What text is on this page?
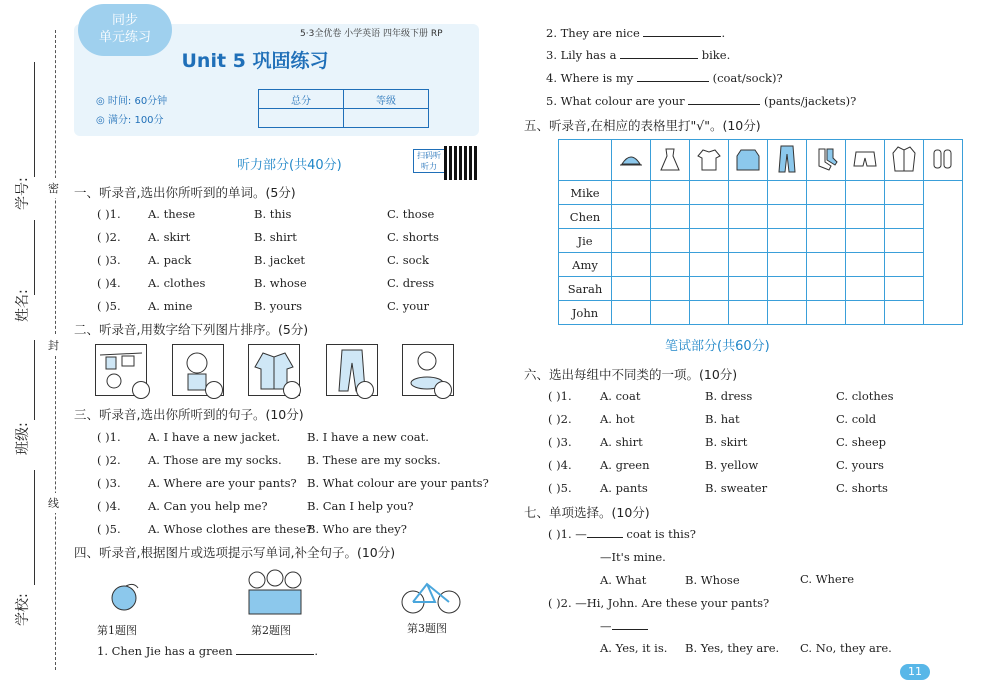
密
封
线
学号:
姓名:
班级:
学校:
同步
单元练习	5·3全优卷 小学英语 四年级下册 RP
Unit 5 巩固练习
◎ 时间: 60分钟
◎ 满分: 100分
总分	等级

听力部分(共40分)
扫码听听力
一、听录音,选出你所听到的单词。(5分)
( )1. A. these	B. this	C. those
( )2. A. skirt	B. shirt	C. shorts
( )3. A. pack	B. jacket	C. sock
( )4. A. clothes	B. whose	C. dress
( )5. A. mine	B. yours	C. your
二、听录音,用数字给下列图片排序。(5分)
三、听录音,选出你所听到的句子。(10分)
( )1. A. I have a new jacket. B. I have a new coat.
( )2. A. Those are my socks. B. These are my socks.
( )3. A. Where are your pants? B. What colour are your pants?
( )4. A. Can you help me?	B. Can I help you?
( )5. A. Whose clothes are these?
B. Who are they?
四、听录音,根据图片或选项提示写单词,补全句子。(10分)
第1题图	第2题图	第3题图
1. Chen Jie has a green	.
2. They are nice	.
3. Lily has a	bike.
4. Where is my	(coat/sock)?
5. What colour are your	(pants/jackets)?
五、听录音,在相应的表格里打"√"。(10分)

Mike									
Chen									
Jie									
Amy									
Sarah									
John									
笔试部分(共60分)
六、选出每组中不同类的一项。(10分)
( )1. A. coat	B. dress	C. clothes
( )2. A. hot	B. hat	C. cold
( )3. A. shirt	B. skirt	C. sheep
( )4. A. green	B. yellow	C. yours
( )5. A. pants	B. sweater	C. shorts
七、单项选择。(10分)
( )1. —	coat is this?
—It's mine.
A. What	B. Whose	C. Where
( )2. —Hi, John. Are these your pants?
—
A. Yes, it is. B. Yes, they are. C. No, they are.
11
